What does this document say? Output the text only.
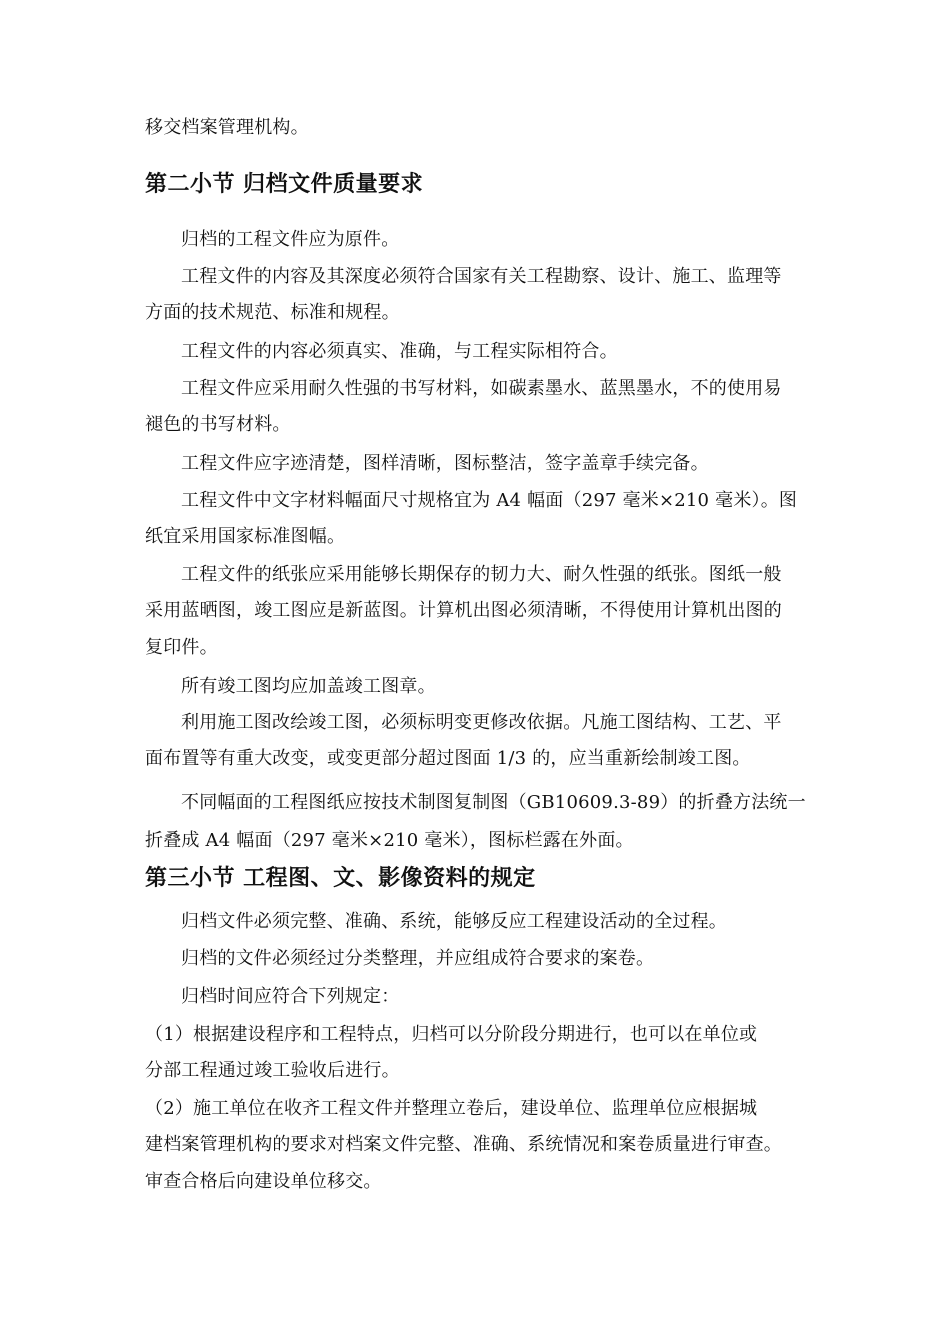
移交档案管理机构。
第二小节 归档文件质量要求
归档的工程文件应为原件。
工程文件的内容及其深度必须符合国家有关工程勘察、设计、施工、监理等
方面的技术规范、标准和规程。
工程文件的内容必须真实、准确，与工程实际相符合。
工程文件应采用耐久性强的书写材料，如碳素墨水、蓝黑墨水，不的使用易
褪色的书写材料。
工程文件应字迹清楚，图样清晰，图标整洁，签字盖章手续完备。
工程文件中文字材料幅面尺寸规格宜为 A4 幅面（297 毫米×210 毫米）。图
纸宜采用国家标准图幅。
工程文件的纸张应采用能够长期保存的韧力大、耐久性强的纸张。图纸一般
采用蓝晒图，竣工图应是新蓝图。计算机出图必须清晰，不得使用计算机出图的
复印件。
所有竣工图均应加盖竣工图章。
利用施工图改绘竣工图，必须标明变更修改依据。凡施工图结构、工艺、平
面布置等有重大改变，或变更部分超过图面 1/3 的，应当重新绘制竣工图。
不同幅面的工程图纸应按技术制图复制图（GB10609.3-89）的折叠方法统一
折叠成 A4 幅面（297 毫米×210 毫米），图标栏露在外面。
第三小节 工程图、文、影像资料的规定
归档文件必须完整、准确、系统，能够反应工程建设活动的全过程。
归档的文件必须经过分类整理，并应组成符合要求的案卷。
归档时间应符合下列规定：
（1）根据建设程序和工程特点，归档可以分阶段分期进行，也可以在单位或
分部工程通过竣工验收后进行。
（2）施工单位在收齐工程文件并整理立卷后，建设单位、监理单位应根据城
建档案管理机构的要求对档案文件完整、准确、系统情况和案卷质量进行审查。
审查合格后向建设单位移交。
